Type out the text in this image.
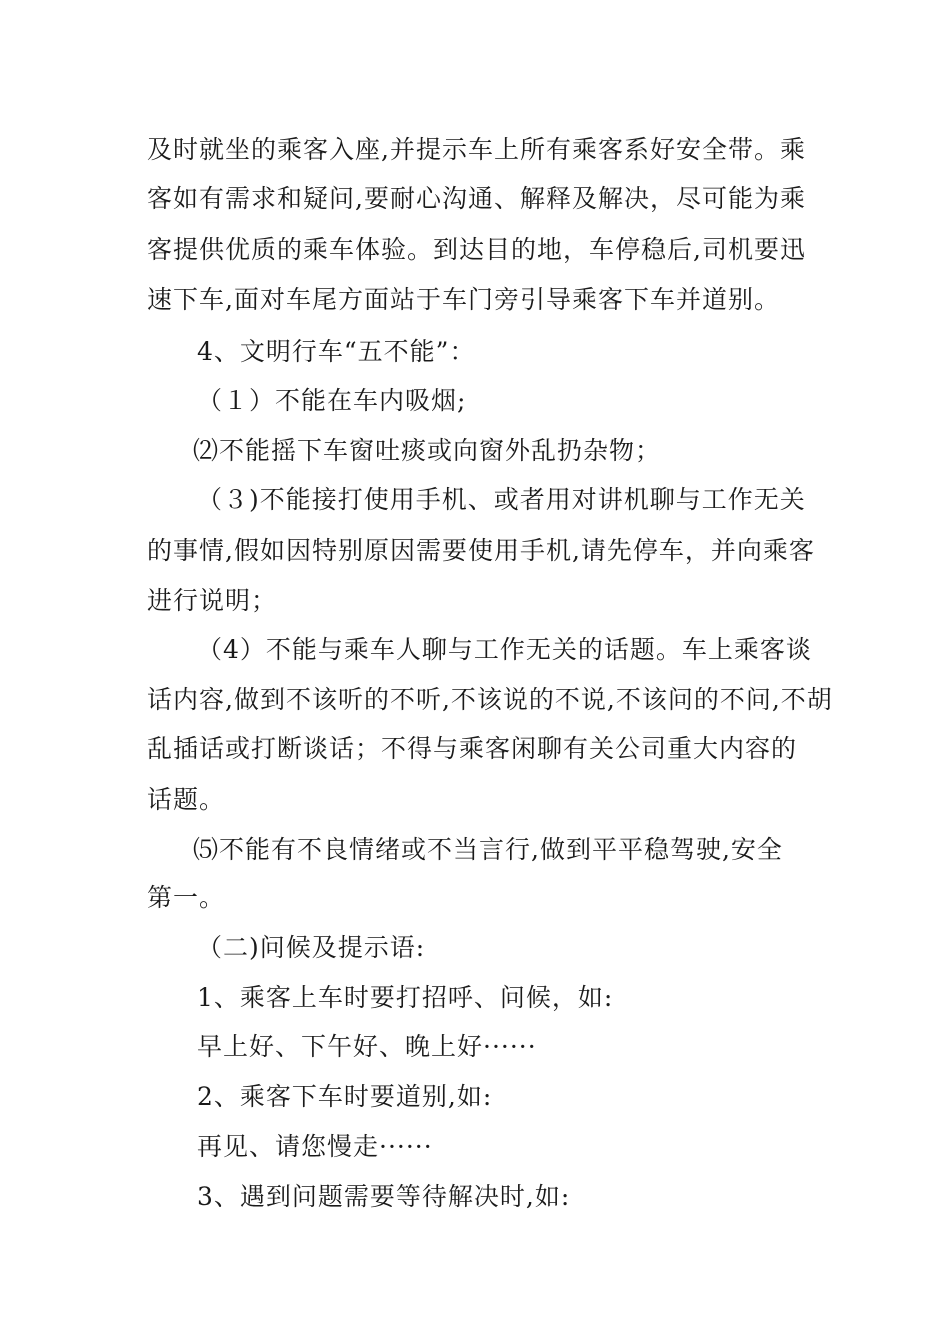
及时就坐的乘客入座,并提示车上所有乘客系好安全带。乘
客如有需求和疑问,要耐心沟通、解释及解决，尽可能为乘
客提供优质的乘车体验。到达目的地，车停稳后,司机要迅
速下车,面对车尾方面站于车门旁引导乘客下车并道别。
4、文明行车“五不能”：
（１）不能在车内吸烟;
⑵不能摇下车窗吐痰或向窗外乱扔杂物；
（３)不能接打使用手机、或者用对讲机聊与工作无关
的事情,假如因特别原因需要使用手机,请先停车，并向乘客
进行说明；
（4）不能与乘车人聊与工作无关的话题。车上乘客谈
话内容,做到不该听的不听,不该说的不说,不该问的不问,不胡
乱插话或打断谈话；不得与乘客闲聊有关公司重大内容的
话题。
⑸不能有不良情绪或不当言行,做到平平稳驾驶,安全
第一。
（二)问候及提示语:
1、乘客上车时要打招呼、问候，如:
早上好、下午好、晚上好······
2、乘客下车时要道别,如:
再见、请您慢走······
3、遇到问题需要等待解决时,如:
